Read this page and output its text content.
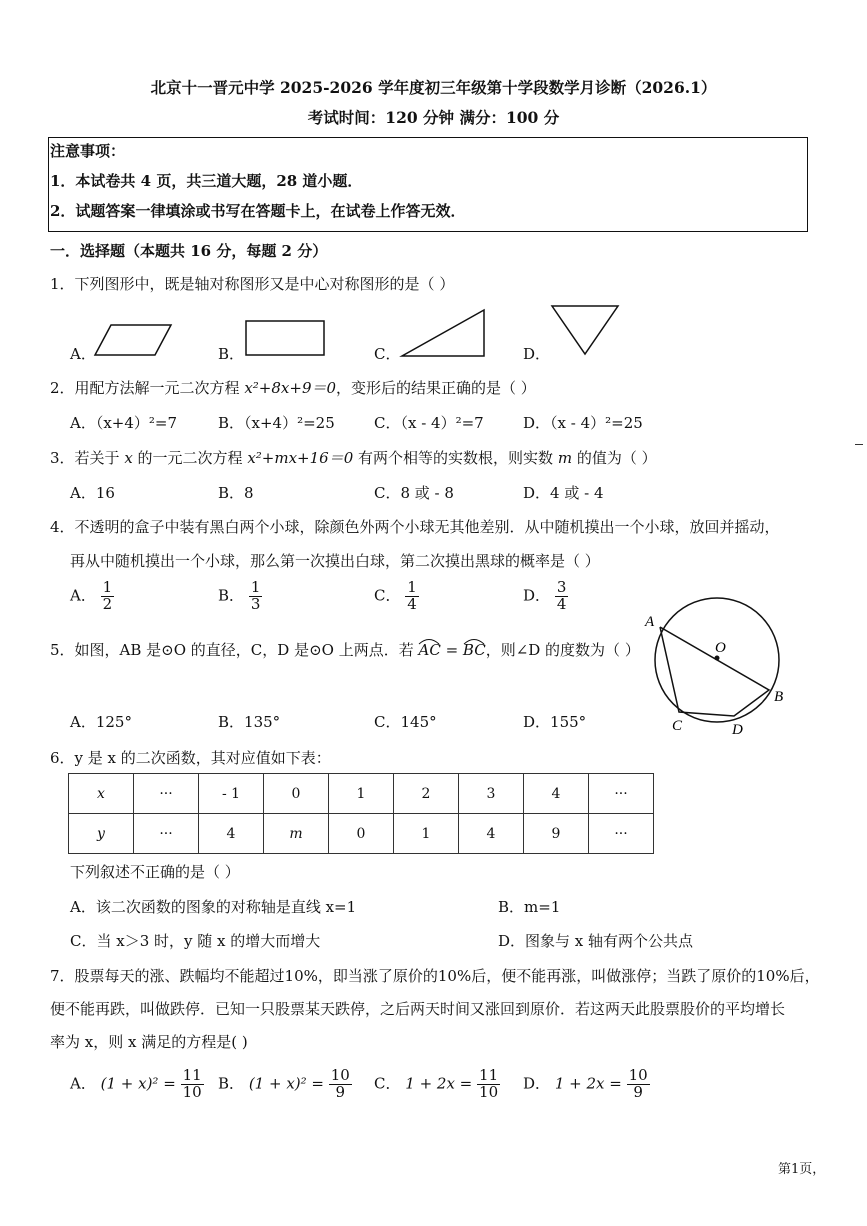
北京十一晋元中学 2025-2026 学年度初三年级第十学段数学月诊断（2026.1）
考试时间：120 分钟 满分：100 分
注意事项：
1．本试卷共 4 页，共三道大题，28 道小题．
2．试题答案一律填涂或书写在答题卡上，在试卷上作答无效．
一．选择题（本题共 16 分，每题 2 分）
1．下列图形中，既是轴对称图形又是中心对称图形的是（ ）
A．	B．	C．	D．
2．用配方法解一元二次方程 x²+8x+9＝0，变形后的结果正确的是（ ）
A．（x+4）²=7	B．（x+4）²=25	C．（x - 4）²=7	D．（x - 4）²=25
3．若关于 x 的一元二次方程 x²+mx+16＝0 有两个相等的实数根，则实数 m 的值为（ ）
A．16	B．8	C．8 或 - 8	D．4 或 - 4
4．不透明的盒子中装有黑白两个小球，除颜色外两个小球无其他差别．从中随机摸出一个小球，放回并摇动，
再从中随机摸出一个小球，那么第一次摸出白球，第二次摸出黑球的概率是（ ）
A． $\frac{1}{2}$	B． $\frac{1}{3}$	C． $\frac{1}{4}$	D． $\frac{3}{4}$
5．如图，AB 是⊙O 的直径，C，D 是⊙O 上两点．若
AC =
BC，则∠D 的度数为（ ）
A．125°	B．135°	C．145°	D．155°
A
O
B
C	D
6．y 是 x 的二次函数，其对应值如下表：
x	···	- 1	0	1	2	3	4	···
y	···	4	m	0	1	4	9	···
下列叙述不正确的是（ ）
A．该二次函数的图象的对称轴是直线 x=1	B．m=1
C．当 x＞3 时，y 随 x 的增大而增大	D．图象与 x 轴有两个公共点
7．股票每天的涨、跌幅均不能超过10%，即当涨了原价的10%后，便不能再涨，叫做涨停；当跌了原价的10%后，
便不能再跌，叫做跌停．已知一只股票某天跌停，之后两天时间又涨回到原价．若这两天此股票股价的平均增长
率为 x，则 x 满足的方程是( )
A． $(1 + x)^2 = \frac{11}{10}$ B． $(1 + x)^2 = \frac{10}{9}$ C． $1 + 2x = \frac{11}{10}$ D． $1 + 2x = \frac{10}{9}$
第1页，
